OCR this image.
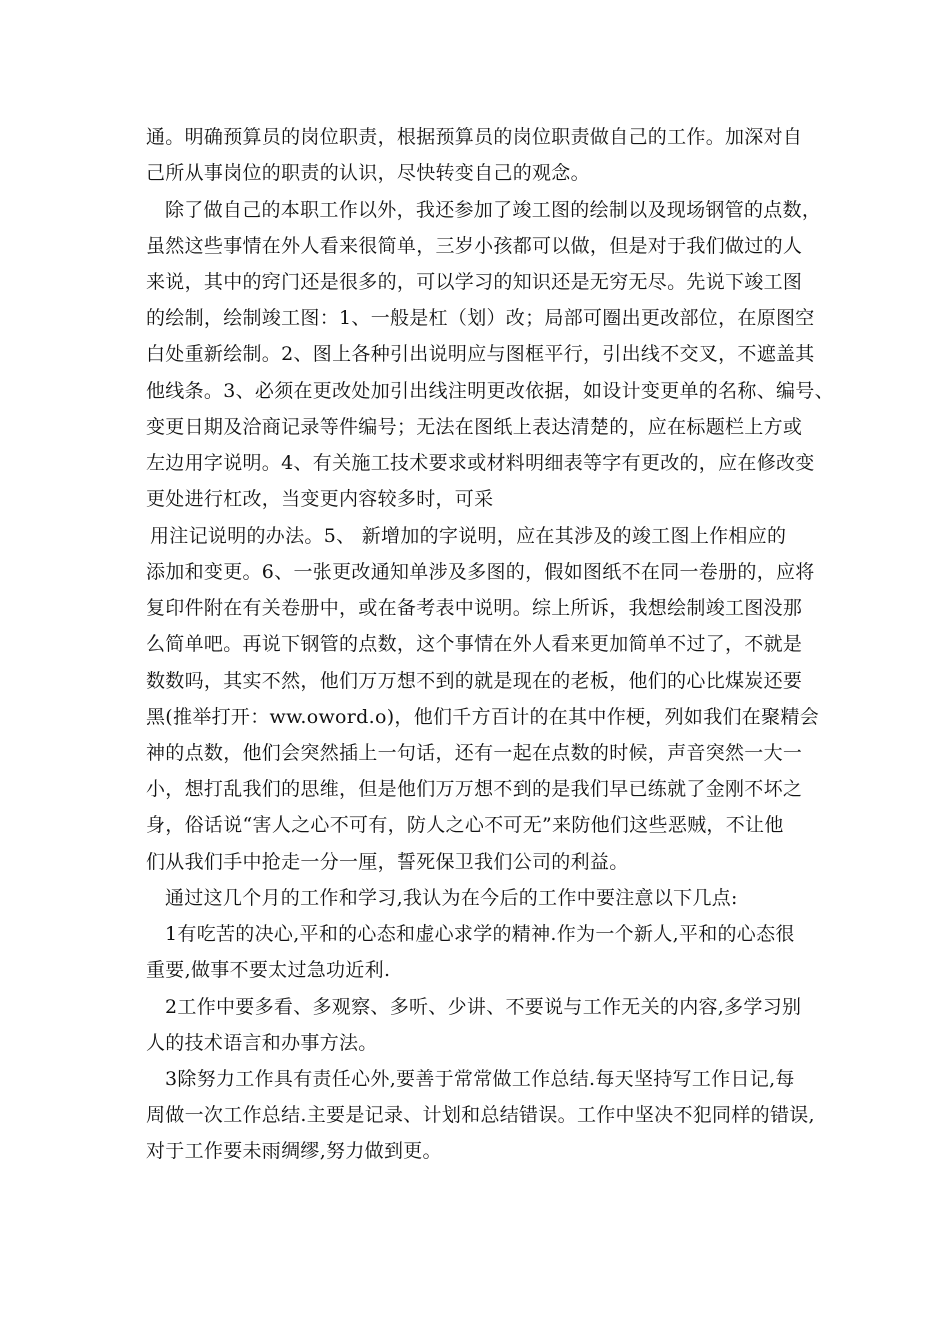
通。明确预算员的岗位职责，根据预算员的岗位职责做自己的工作。加深对自
己所从事岗位的职责的认识，尽快转变自己的观念。
除了做自己的本职工作以外，我还参加了竣工图的绘制以及现场钢管的点数，
虽然这些事情在外人看来很简单，三岁小孩都可以做，但是对于我们做过的人
来说，其中的窍门还是很多的，可以学习的知识还是无穷无尽。先说下竣工图
的绘制，绘制竣工图：1、一般是杠（划）改；局部可圈出更改部位，在原图空
白处重新绘制。2、图上各种引出说明应与图框平行，引出线不交叉，不遮盖其
他线条。3、必须在更改处加引出线注明更改依据，如设计变更单的名称、编号、
变更日期及洽商记录等件编号；无法在图纸上表达清楚的，应在标题栏上方或
左边用字说明。4、有关施工技术要求或材料明细表等字有更改的，应在修改变
更处进行杠改，当变更内容较多时，可采
用注记说明的办法。5、 新增加的字说明，应在其涉及的竣工图上作相应的
添加和变更。6、一张更改通知单涉及多图的，假如图纸不在同一卷册的，应将
复印件附在有关卷册中，或在备考表中说明。综上所诉，我想绘制竣工图没那
么简单吧。再说下钢管的点数，这个事情在外人看来更加简单不过了，不就是
数数吗，其实不然，他们万万想不到的就是现在的老板，他们的心比煤炭还要
黑(推举打开：ww.oword.o)，他们千方百计的在其中作梗，列如我们在聚精会
神的点数，他们会突然插上一句话，还有一起在点数的时候，声音突然一大一
小，想打乱我们的思维，但是他们万万想不到的是我们早已练就了金刚不坏之
身，俗话说“害人之心不可有，防人之心不可无”来防他们这些恶贼，不让他
们从我们手中抢走一分一厘，誓死保卫我们公司的利益。
通过这几个月的工作和学习,我认为在今后的工作中要注意以下几点:
1有吃苦的决心,平和的心态和虚心求学的精神.作为一个新人,平和的心态很
重要,做事不要太过急功近利.
2工作中要多看、多观察、多听、少讲、不要说与工作无关的内容,多学习别
人的技术语言和办事方法。
3除努力工作具有责任心外,要善于常常做工作总结.每天坚持写工作日记,每
周做一次工作总结.主要是记录、计划和总结错误。工作中坚决不犯同样的错误,
对于工作要未雨绸缪,努力做到更。
